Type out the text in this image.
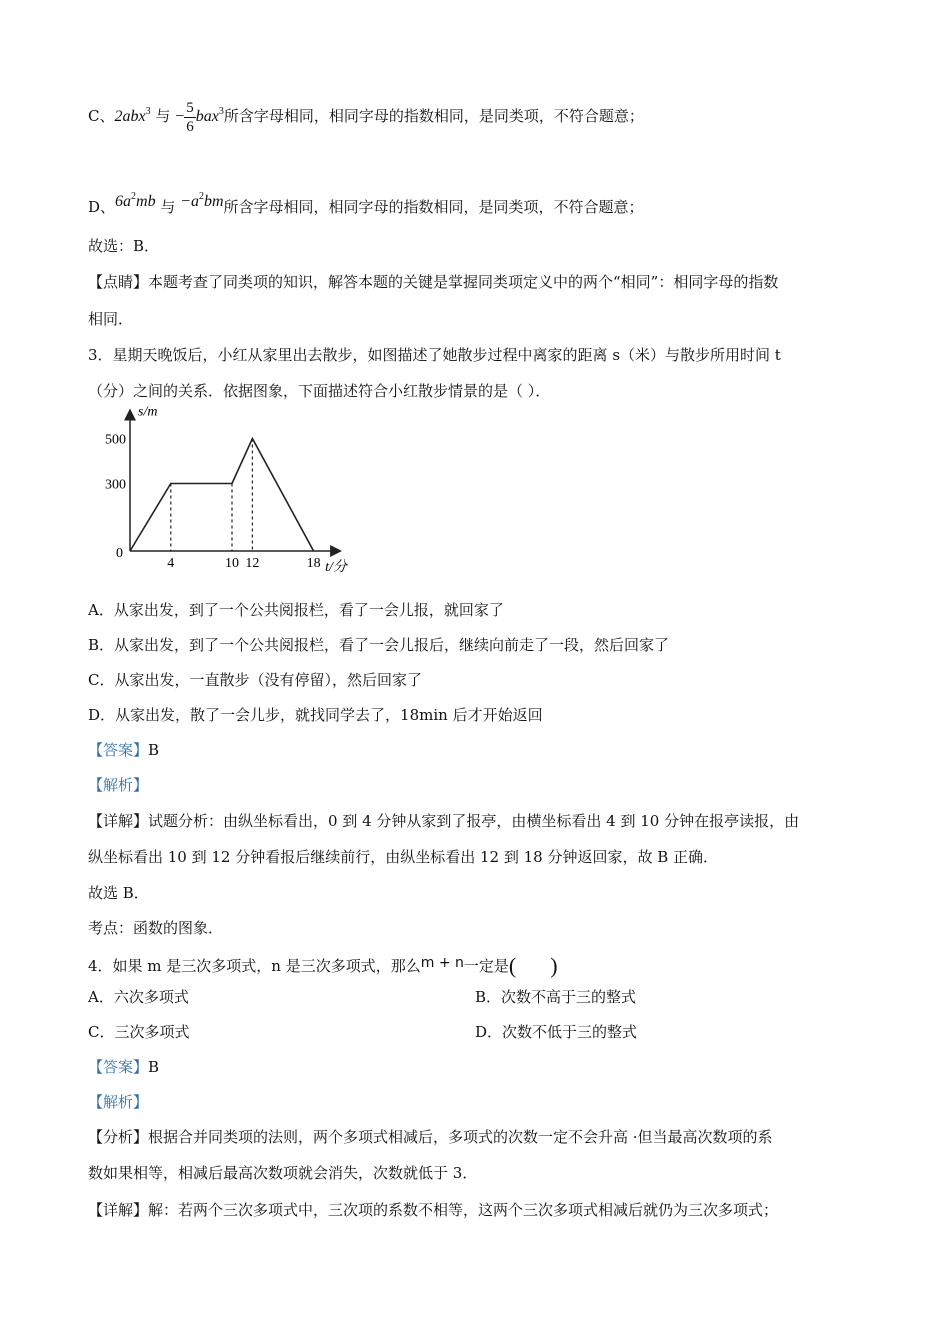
C、2abx$^3$ 与 − $\frac{5}{6} bax^3$所含字母相同，相同字母的指数相同，是同类项，不符合题意；
D、$6a^2mb$ 与 $-a^2bm$所含字母相同，相同字母的指数相同，是同类项，不符合题意；
故选：B．
【点睛】本题考查了同类项的知识，解答本题的关键是掌握同类项定义中的两个“相同”：相同字母的指数
相同．
3．星期天晚饭后，小红从家里出去散步，如图描述了她散步过程中离家的距离 s（米）与散步所用时间 t
（分）之间的关系．依据图象，下面描述符合小红散步情景的是（ ）．
4	10 12	18
300
500
0
s/m
t/分
A．从家出发，到了一个公共阅报栏，看了一会儿报，就回家了
B．从家出发，到了一个公共阅报栏，看了一会儿报后，继续向前走了一段，然后回家了
C．从家出发，一直散步（没有停留），然后回家了
D．从家出发，散了一会儿步，就找同学去了，18min 后才开始返回
【答案】B
【解析】
【详解】试题分析：由纵坐标看出，0 到 4 分钟从家到了报亭，由横坐标看出 4 到 10 分钟在报亭读报，由
纵坐标看出 10 到 12 分钟看报后继续前行，由纵坐标看出 12 到 18 分钟返回家，故 B 正确．
故选 B．
考点：函数的图象．
4．如果 m 是三次多项式，n 是三次多项式，那么m + n一定是( )
A．六次多项式	B．次数不高于三的整式
C．三次多项式	D．次数不低于三的整式
【答案】B
【解析】
【分析】根据合并同类项的法则，两个多项式相减后，多项式的次数一定不会升高 ·但当最高次数项的系
数如果相等，相减后最高次数项就会消失，次数就低于 3．
【详解】解：若两个三次多项式中，三次项的系数不相等，这两个三次多项式相减后就仍为三次多项式；
